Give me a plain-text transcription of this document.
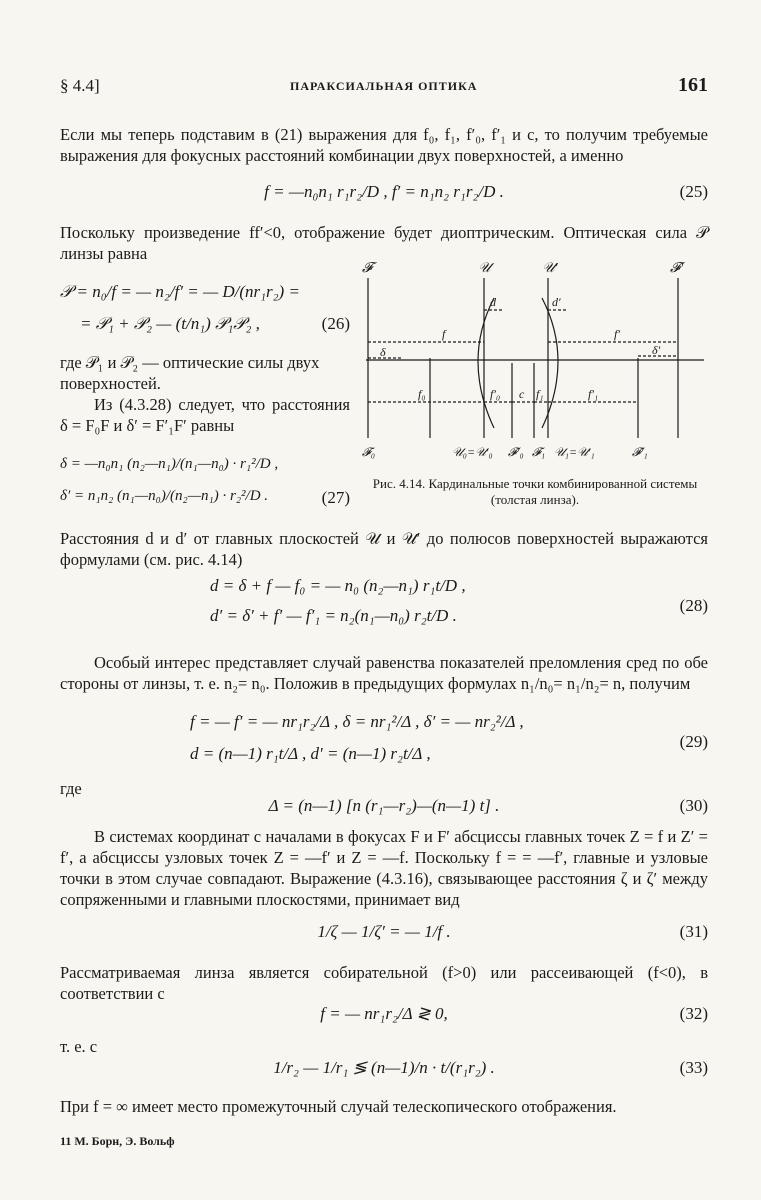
§ 4.4]	ПАРАКСИАЛЬНАЯ ОПТИКА	161

Если мы теперь подставим в (21) выражения для f₀, f₁, f′₀, f′₁ и c, то получим требуемые выражения для фокусных расстояний комбинации двух поверхностей, а именно

f = —n₀n₁ r₁r₂/D , f′ = n₁n₂ r₁r₂/D .	(25)

Поскольку произведение ff′<0, отображение будет диоптрическим. Оптическая сила 𝒫 линзы равна

𝒫 = n₀/f = — n₂/f′ = — D/(nr₁r₂) =
= 𝒫₁ + 𝒫₂ — (t/n₁) 𝒫₁𝒫₂ ,	(26)

где 𝒫₁ и 𝒫₂ — оптические силы двух поверхностей.

Из (4.3.28) следует, что расстояния δ = F₀F и δ′ = F′₁F′ равны

δ = —n₀n₁ (n₂—n₁)/(n₁—n₀) · r₁²/D ,
δ′ = n₁n₂ (n₁—n₀)/(n₂—n₁) · r₂²/D .	(27)
𝓕	𝒰	𝒰′	𝓕′
𝓕₀	𝒰₀=𝒰′₀ 𝓕′₀ 𝓕₁ 𝒰₁=𝒰′₁	𝓕′₁
δ
f
d	d′
f′
δ′
f₀	f′₀ c f₁	f′₁
Рис. 4.14. Кардинальные точки комбинированной системы (толстая линза).

Расстояния d и d′ от главных плоскостей 𝒰 и 𝒰′ до полюсов поверхностей выражаются формулами (см. рис. 4.14)

d = δ + f — f₀ = — n₀ (n₂—n₁) r₁t/D ,
d′ = δ′ + f′ — f′₁ = n₂(n₁—n₀) r₂t/D .
(28)

Особый интерес представляет случай равенства показателей преломления сред по обе стороны от линзы, т. е. n₂= n₀. Положив в предыдущих формулах n₁/n₀= n₁/n₂= n, получим

f = — f′ = — nr₁r₂/Δ , δ = nr₁²/Δ , δ′ = — nr₂²/Δ ,
d = (n—1) r₁t/Δ , d′ = (n—1) r₂t/Δ ,
(29)

где

Δ = (n—1) [n (r₁—r₂)—(n—1) t] .	(30)

В системах координат с началами в фокусах F и F′ абсциссы главных точек Z = f и Z′ = f′, а абсциссы узловых точек Z = —f′ и Z = —f. Поскольку f = = —f′, главные и узловые точки в этом случае совпадают. Выражение (4.3.16), связывающее расстояния ζ и ζ′ между сопряженными и главными плоскостями, принимает вид

1/ζ — 1/ζ′ = — 1/f .	(31)

Рассматриваемая линза является собирательной (f>0) или рассеивающей (f<0), в соответствии с

f = — nr₁r₂/Δ ≷ 0,	(32)

т. е. с

1/r₂ — 1/r₁ ≶ (n—1)/n · t/(r₁r₂) .	(33)

При f = ∞ имеет место промежуточный случай телескопического отображения.

11 М. Борн, Э. Вольф
